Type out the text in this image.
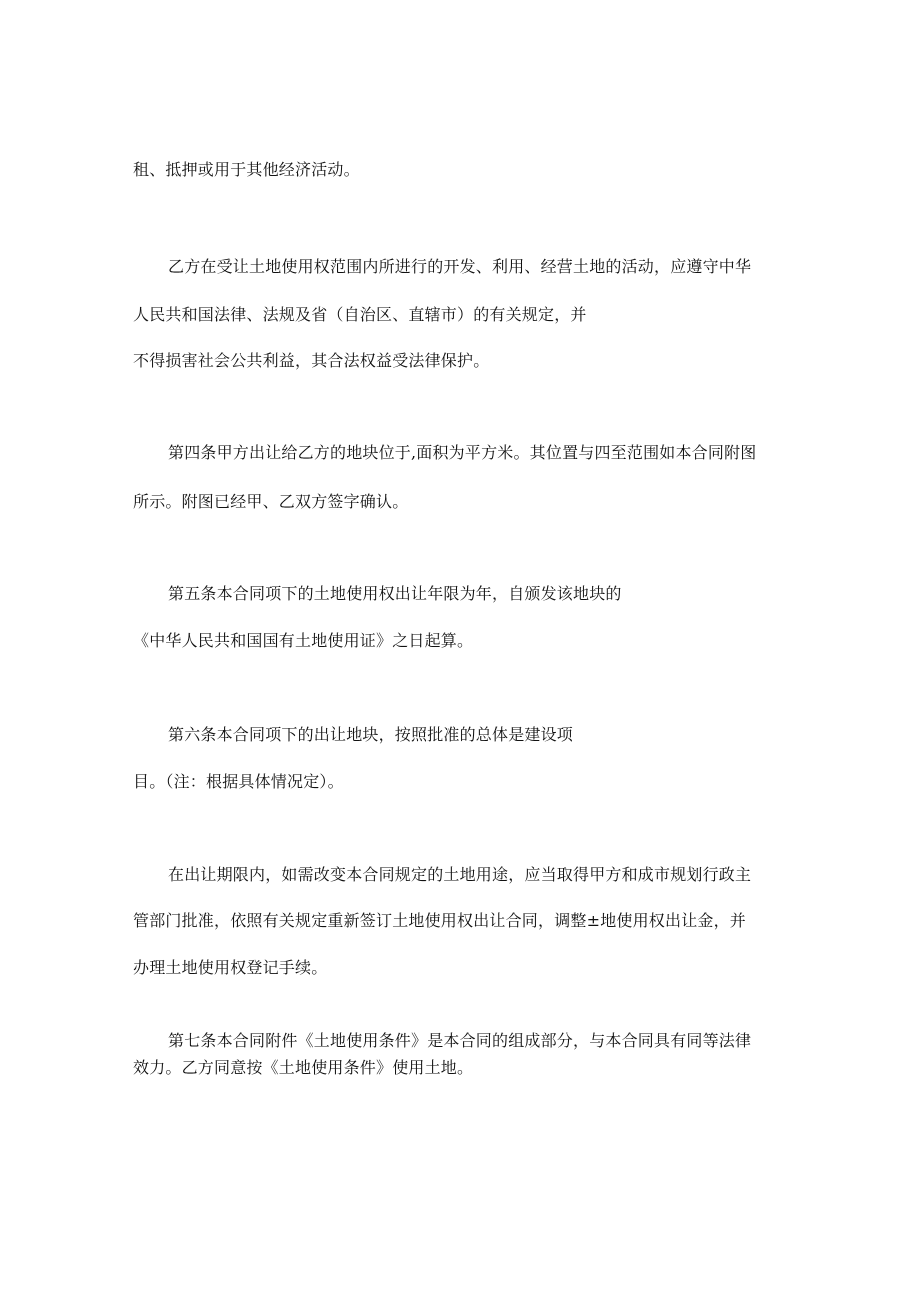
租、抵押或用于其他经济活动。
乙方在受让土地使用权范围内所进行的开发、利用、经营土地的活动，应遵守中华
人民共和国法律、法规及省（自治区、直辖市）的有关规定，并
不得损害社会公共利益，其合法权益受法律保护。
第四条甲方出让给乙方的地块位于,面积为平方米。其位置与四至范围如本合同附图
所示。附图已经甲、乙双方签字确认。
第五条本合同项下的土地使用权出让年限为年，自颁发该地块的
《中华人民共和国国有土地使用证》之日起算。
第六条本合同项下的出让地块，按照批准的总体是建设项
目。（注：根据具体情况定）。
在出让期限内，如需改变本合同规定的土地用途，应当取得甲方和成市规划行政主
管部门批准，依照有关规定重新签订土地使用权出让合同，调整±地使用权出让金，并
办理土地使用权登记手续。
第七条本合同附件《土地使用条件》是本合同的组成部分，与本合同具有同等法律
效力。乙方同意按《土地使用条件》使用土地。
